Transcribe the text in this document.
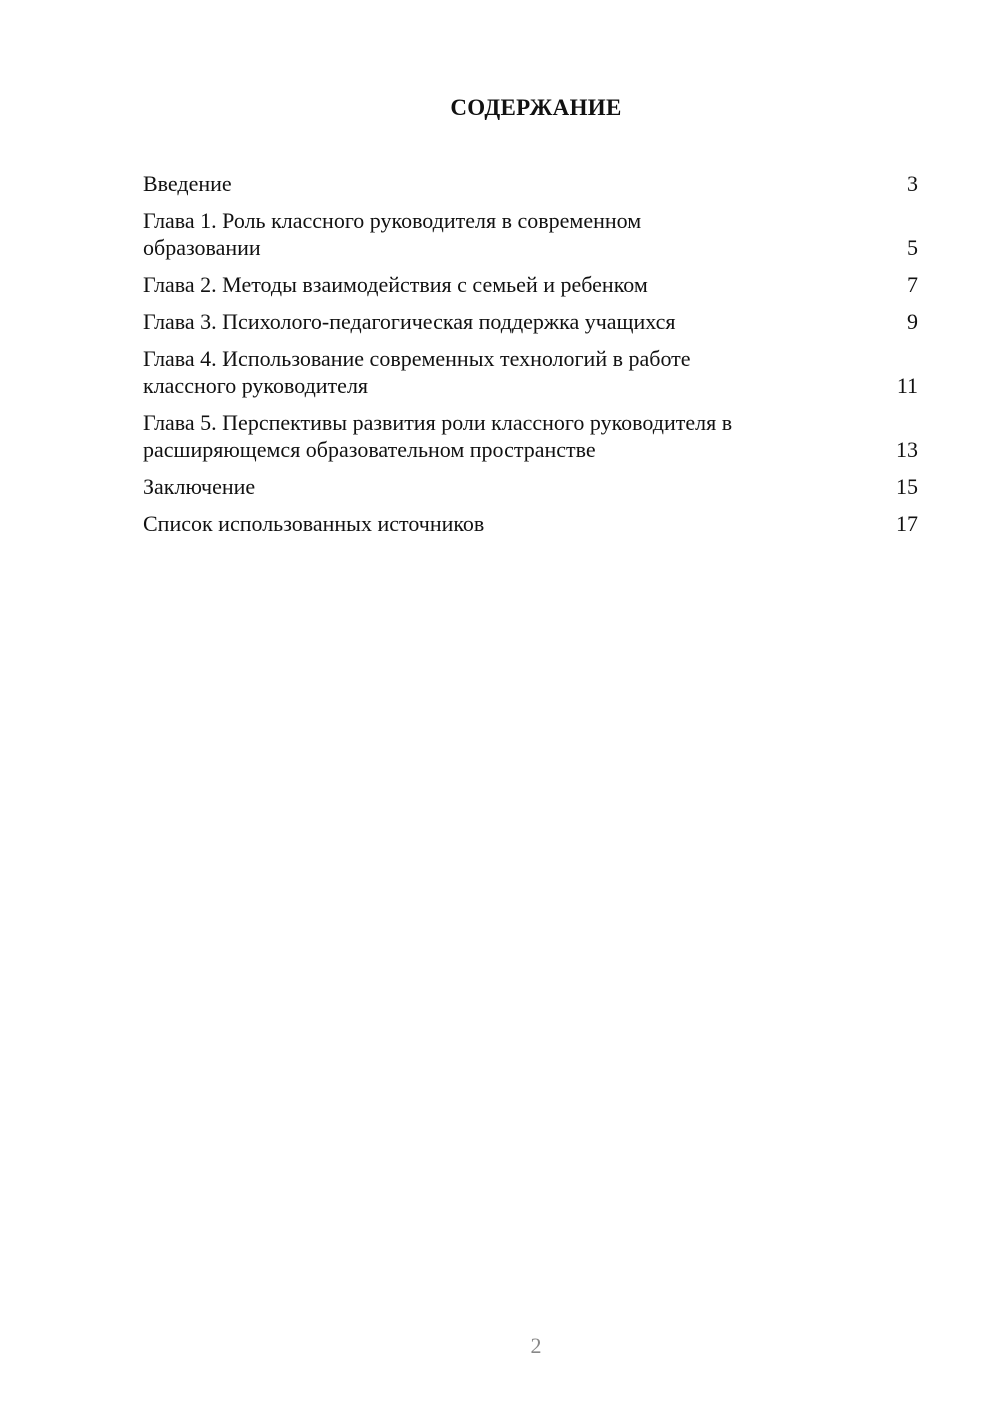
СОДЕРЖАНИЕ
Введение	3
Глава 1. Роль классного руководителя в современном образовании	5
Глава 2. Методы взаимодействия с семьей и ребенком	7
Глава 3. Психолого-педагогическая поддержка учащихся	9
Глава 4. Использование современных технологий в работе классного руководителя	11
Глава 5. Перспективы развития роли классного руководителя в расширяющемся образовательном пространстве	13
Заключение	15
Список использованных источников	17
2
